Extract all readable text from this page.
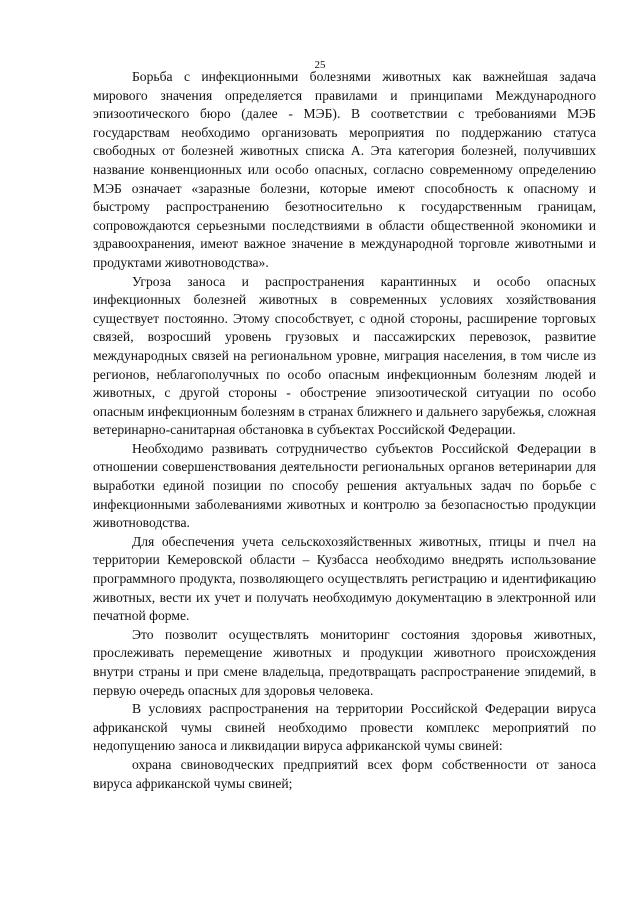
25

Борьба с инфекционными болезнями животных как важнейшая задача мирового значения определяется правилами и принципами Международного эпизоотического бюро (далее - МЭБ). В соответствии с требованиями МЭБ государствам необходимо организовать мероприятия по поддержанию статуса свободных от болезней животных списка А. Эта категория болезней, получивших название конвенционных или особо опасных, согласно современному определению МЭБ означает «заразные болезни, которые имеют способность к опасному и быстрому распространению безотносительно к государственным границам, сопровождаются серьезными последствиями в области общественной экономики и здравоохранения, имеют важное значение в международной торговле животными и продуктами животноводства».

Угроза заноса и распространения карантинных и особо опасных инфекционных болезней животных в современных условиях хозяйствования существует постоянно. Этому способствует, с одной стороны, расширение торговых связей, возросший уровень грузовых и пассажирских перевозок, развитие международных связей на региональном уровне, миграция населения, в том числе из регионов, неблагополучных по особо опасным инфекционным болезням людей и животных, с другой стороны - обострение эпизоотической ситуации по особо опасным инфекционным болезням в странах ближнего и дальнего зарубежья, сложная ветеринарно-санитарная обстановка в субъектах Российской Федерации.

Необходимо развивать сотрудничество субъектов Российской Федерации в отношении совершенствования деятельности региональных органов ветеринарии для выработки единой позиции по способу решения актуальных задач по борьбе с инфекционными заболеваниями животных и контролю за безопасностью продукции животноводства.

Для обеспечения учета сельскохозяйственных животных, птицы и пчел на территории Кемеровской области – Кузбасса необходимо внедрять использование программного продукта, позволяющего осуществлять регистрацию и идентификацию животных, вести их учет и получать необходимую документацию в электронной или печатной форме.

Это позволит осуществлять мониторинг состояния здоровья животных, прослеживать перемещение животных и продукции животного происхождения внутри страны и при смене владельца, предотвращать распространение эпидемий, в первую очередь опасных для здоровья человека.

В условиях распространения на территории Российской Федерации вируса африканской чумы свиней необходимо провести комплекс мероприятий по недопущению заноса и ликвидации вируса африканской чумы свиней:

охрана свиноводческих предприятий всех форм собственности от заноса вируса африканской чумы свиней;
